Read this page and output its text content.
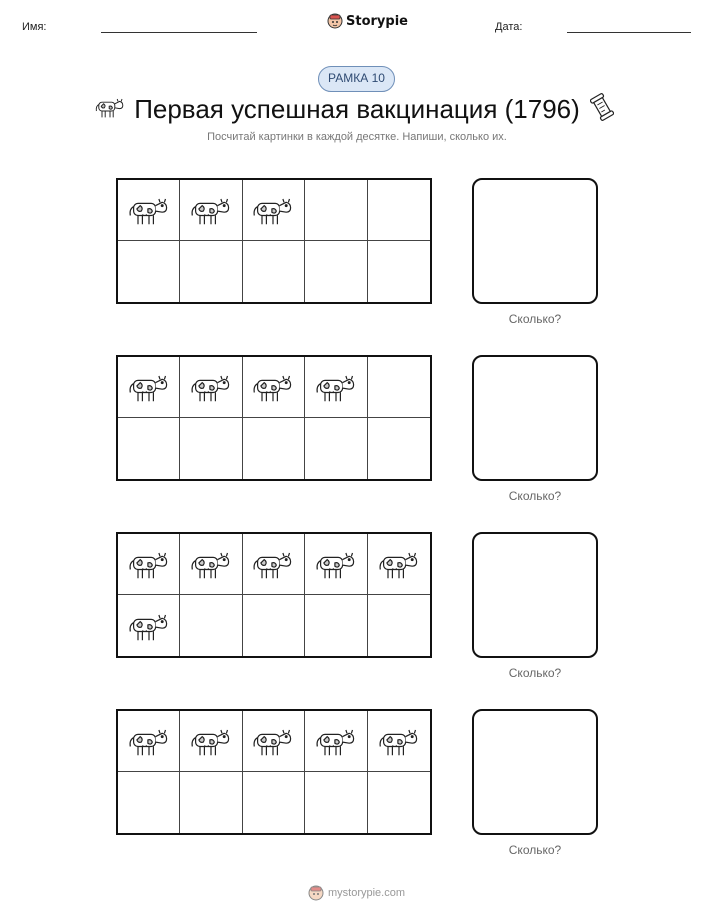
Имя:	Storypie	Дата:
РАМКА 10
Первая успешная вакцинация (1796)
Посчитай картинки в каждой десятке. Напиши, сколько их.
Сколько?
Сколько?
Сколько?
Сколько?
mystorypie.com
